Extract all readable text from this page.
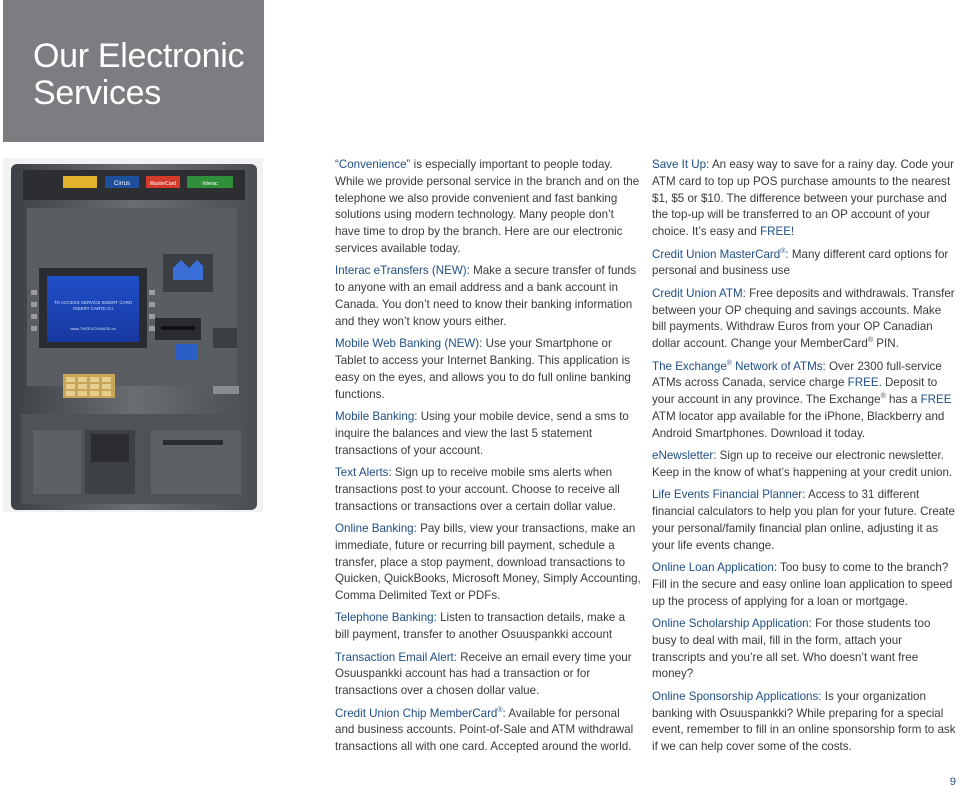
Our Electronic
Services
Cirrus	MasterCard	Interac
TO ACCESS SERVICE INSERT CARD
INSERT CARTE ICI
www.THEEXCHANGE.ca

“Convenience” is especially important to people today. While we provide personal service in the branch and on the telephone we also provide convenient and fast banking solutions using modern technology. Many people don’t have time to drop by the branch. Here are our electronic services available today.

Interac eTransfers (NEW): Make a secure transfer of funds to anyone with an email address and a bank account in Canada. You don’t need to know their banking information and they won’t know yours either.

Mobile Web Banking (NEW): Use your Smartphone or Tablet to access your Internet Banking. This application is easy on the eyes, and allows you to do full online banking functions.

Mobile Banking: Using your mobile device, send a sms to inquire the balances and view the last 5 statement transactions of your account.

Text Alerts: Sign up to receive mobile sms alerts when transactions post to your account. Choose to receive all transactions or transactions over a certain dollar value.

Online Banking: Pay bills, view your transactions, make an immediate, future or recurring bill payment, schedule a transfer, place a stop payment, download transactions to Quicken, QuickBooks, Microsoft Money, Simply Accounting, Comma Delimited Text or PDFs.

Telephone Banking: Listen to transaction details, make a bill payment, transfer to another Osuuspankki account

Transaction Email Alert: Receive an email every time your Osuuspankki account has had a transaction or for transactions over a chosen dollar value.

Credit Union Chip MemberCard®: Available for personal and business accounts. Point-of-Sale and ATM withdrawal transactions all with one card. Accepted around the world.

Save It Up: An easy way to save for a rainy day. Code your ATM card to top up POS purchase amounts to the nearest $1, $5 or $10. The difference between your purchase and the top-up will be transferred to an OP account of your choice. It’s easy and FREE!

Credit Union MasterCard®: Many different card options for personal and business use

Credit Union ATM: Free deposits and withdrawals. Transfer between your OP chequing and savings accounts. Make bill payments. Withdraw Euros from your OP Canadian dollar account. Change your MemberCard® PIN.

The Exchange® Network of ATMs: Over 2300 full-service ATMs across Canada, service charge FREE. Deposit to your account in any province. The Exchange® has a FREE ATM locator app available for the iPhone, Blackberry and Android Smartphones. Download it today.

eNewsletter: Sign up to receive our electronic newsletter. Keep in the know of what’s happening at your credit union.

Life Events Financial Planner: Access to 31 different financial calculators to help you plan for your future. Create your personal/family financial plan online, adjusting it as your life events change.

Online Loan Application: Too busy to come to the branch? Fill in the secure and easy online loan application to speed up the process of applying for a loan or mortgage.

Online Scholarship Application: For those students too busy to deal with mail, fill in the form, attach your transcripts and you’re all set. Who doesn’t want free money?

Online Sponsorship Applications: Is your organization banking with Osuuspankki? While preparing for a special event, remember to fill in an online sponsorship form to ask if we can help cover some of the costs.

9
